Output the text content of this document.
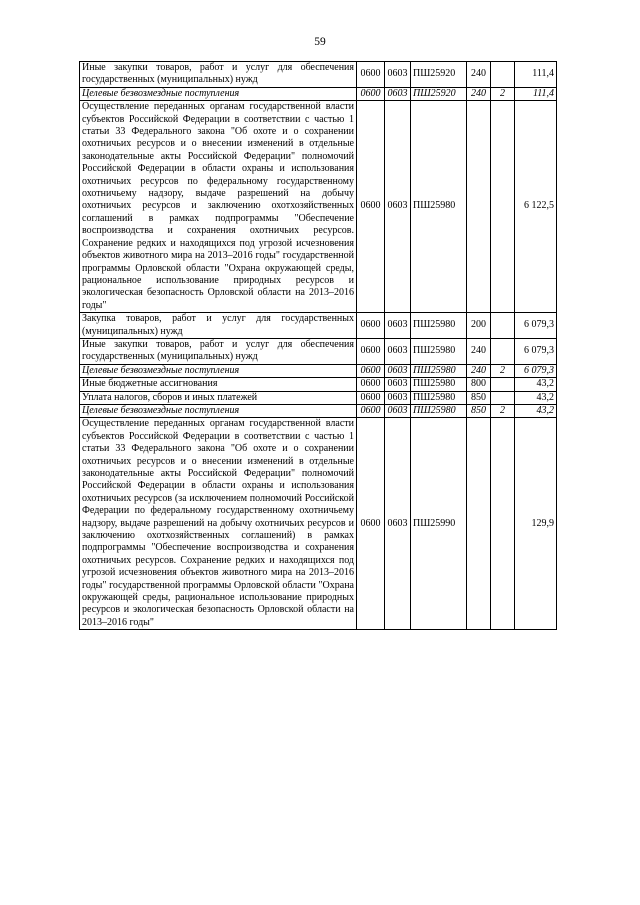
59
Иные закупки товаров, работ и услуг для обеспечения государственных (муниципальных) нужд	0600	0603	ПШ25920	240		111,4
Целевые безвозмездные поступления	0600	0603	ПШ25920	240	2	111,4
Осуществление переданных органам государственной власти субъектов Российской Федерации в соответствии с частью 1 статьи 33 Федерального закона "Об охоте и о сохранении охотничьих ресурсов и о внесении изменений в отдельные законодательные акты Российской Федерации" полномочий Российской Федерации в области охраны и использования охотничьих ресурсов по федеральному государственному охотничьему надзору, выдаче разрешений на добычу охотничьих ресурсов и заключению охотхозяйственных соглашений в рамках подпрограммы "Обеспечение воспроизводства и сохранения охотничьих ресурсов. Сохранение редких и находящихся под угрозой исчезновения объектов животного мира на 2013–2016 годы" государственной программы Орловской области "Охрана окружающей среды, рациональное использование природных ресурсов и экологическая безопасность Орловской области на 2013–2016 годы"	0600	0603	ПШ25980			6 122,5
Закупка товаров, работ и услуг для государственных (муниципальных) нужд	0600	0603	ПШ25980	200		6 079,3
Иные закупки товаров, работ и услуг для обеспечения государственных (муниципальных) нужд	0600	0603	ПШ25980	240		6 079,3
Целевые безвозмездные поступления	0600	0603	ПШ25980	240	2	6 079,3
Иные бюджетные ассигнования	0600	0603	ПШ25980	800		43,2
Уплата налогов, сборов и иных платежей	0600	0603	ПШ25980	850		43,2
Целевые безвозмездные поступления	0600	0603	ПШ25980	850	2	43,2
Осуществление переданных органам государственной власти субъектов Российской Федерации в соответствии с частью 1 статьи 33 Федерального закона "Об охоте и о сохранении охотничьих ресурсов и о внесении изменений в отдельные законодательные акты Российской Федерации" полномочий Российской Федерации в области охраны и использования охотничьих ресурсов (за исключением полномочий Российской Федерации по федеральному государственному охотничьему надзору, выдаче разрешений на добычу охотничьих ресурсов и заключению охотхозяйственных соглашений) в рамках подпрограммы "Обеспечение воспроизводства и сохранения охотничьих ресурсов. Сохранение редких и находящихся под угрозой исчезновения объектов животного мира на 2013–2016 годы" государственной программы Орловской области "Охрана окружающей среды, рациональное использование природных ресурсов и экологическая безопасность Орловской области на 2013–2016 годы"	0600	0603	ПШ25990			129,9
